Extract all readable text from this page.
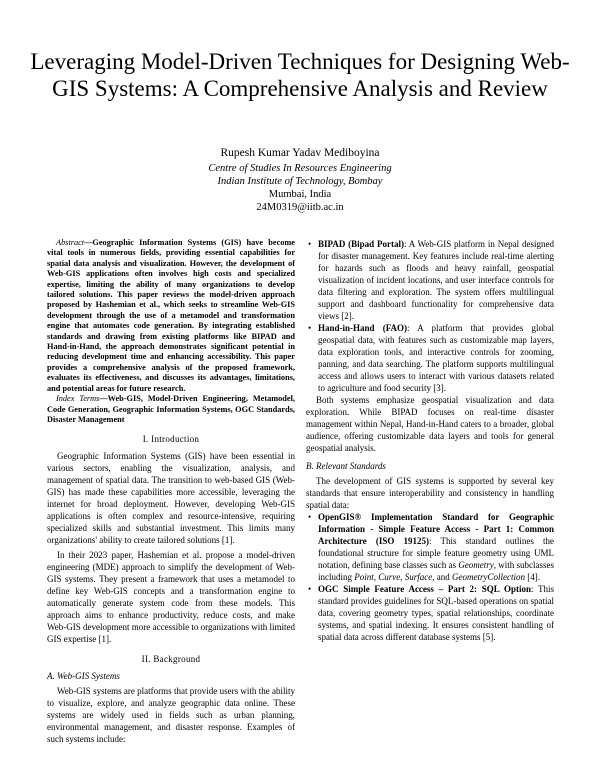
Leveraging Model-Driven Techniques for Designing Web-GIS Systems: A Comprehensive Analysis and Review
Rupesh Kumar Yadav Mediboyina
Centre of Studies In Resources Engineering
Indian Institute of Technology, Bombay
Mumbai, India
24M0319@iitb.ac.in

Abstract—Geographic Information Systems (GIS) have become vital tools in numerous fields, providing essential capabilities for spatial data analysis and visualization. However, the development of Web-GIS applications often involves high costs and specialized expertise, limiting the ability of many organizations to develop tailored solutions. This paper reviews the model-driven approach proposed by Hashemian et al., which seeks to streamline Web-GIS development through the use of a metamodel and transformation engine that automates code generation. By integrating established standards and drawing from existing platforms like BIPAD and Hand-in-Hand, the approach demonstrates significant potential in reducing development time and enhancing accessibility. This paper provides a comprehensive analysis of the proposed framework, evaluates its effectiveness, and discusses its advantages, limitations, and potential areas for future research.

Index Terms—Web-GIS, Model-Driven Engineering, Metamodel, Code Generation, Geographic Information Systems, OGC Standards, Disaster Management

I. Introduction

Geographic Information Systems (GIS) have been essential in various sectors, enabling the visualization, analysis, and management of spatial data. The transition to web-based GIS (Web-GIS) has made these capabilities more accessible, leveraging the internet for broad deployment. However, developing Web-GIS applications is often complex and resource-intensive, requiring specialized skills and substantial investment. This limits many organizations' ability to create tailored solutions [1].

In their 2023 paper, Hashemian et al. propose a model-driven engineering (MDE) approach to simplify the development of Web-GIS systems. They present a framework that uses a metamodel to define key Web-GIS concepts and a transformation engine to automatically generate system code from these models. This approach aims to enhance productivity, reduce costs, and make Web-GIS development more accessible to organizations with limited GIS expertise [1].

II. Background
A. Web-GIS Systems

Web-GIS systems are platforms that provide users with the ability to visualize, explore, and analyze geographic data online. These systems are widely used in fields such as urban planning, environmental management, and disaster response. Examples of such systems include:

• BIPAD (Bipad Portal): A Web-GIS platform in Nepal designed for disaster management. Key features include real-time alerting for hazards such as floods and heavy rainfall, geospatial visualization of incident locations, and user interface controls for data filtering and exploration. The system offers multilingual support and dashboard functionality for comprehensive data views [2].
• Hand-in-Hand (FAO): A platform that provides global geospatial data, with features such as customizable map layers, data exploration tools, and interactive controls for zooming, panning, and data searching. The platform supports multilingual access and allows users to interact with various datasets related to agriculture and food security [3].

Both systems emphasize geospatial visualization and data exploration. While BIPAD focuses on real-time disaster management within Nepal, Hand-in-Hand caters to a broader, global audience, offering customizable data layers and tools for general geospatial analysis.

B. Relevant Standards

The development of GIS systems is supported by several key standards that ensure interoperability and consistency in handling spatial data:

• OpenGIS® Implementation Standard for Geographic Information - Simple Feature Access - Part 1: Common Architecture (ISO 19125): This standard outlines the foundational structure for simple feature geometry using UML notation, defining base classes such as Geometry, with subclasses including Point, Curve, Surface, and GeometryCollection [4].
• OGC Simple Feature Access – Part 2: SQL Option: This standard provides guidelines for SQL-based operations on spatial data, covering geometry types, spatial relationships, coordinate systems, and spatial indexing. It ensures consistent handling of spatial data across different database systems [5].
